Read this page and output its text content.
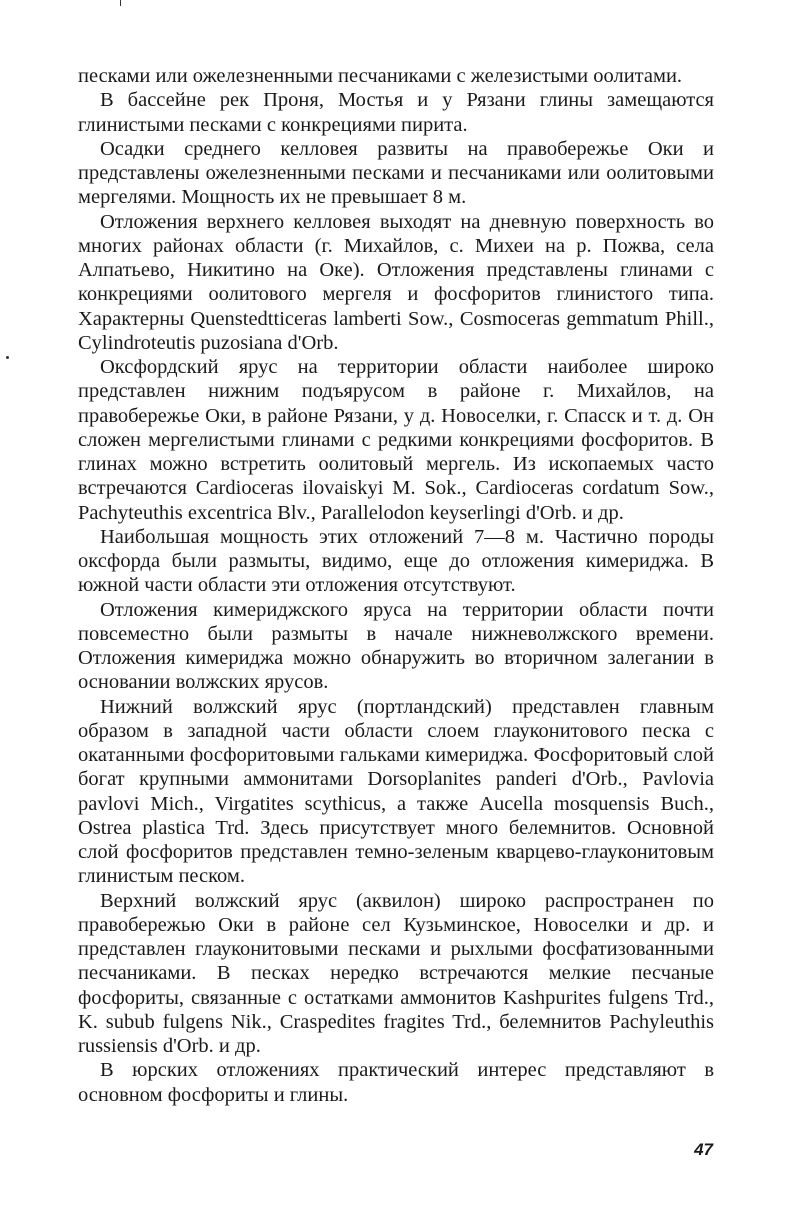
песками или ожелезненными песчаниками с железистыми оолитами.

В бассейне рек Проня, Мостья и у Рязани глины замещаются глинистыми песками с конкрециями пирита.

Осадки среднего келловея развиты на правобережье Оки и представлены ожелезненными песками и песчаниками или оолитовыми мергелями. Мощность их не превышает 8 м.

Отложения верхнего келловея выходят на дневную поверхность во многих районах области (г. Михайлов, с. Михеи на р. Пожва, села Алпатьево, Никитино на Оке). Отложения представлены глинами с конкрециями оолитового мергеля и фосфоритов глинистого типа. Характерны Quenstedtticeras lamberti Sow., Cosmoceras gemmatum Phill., Cylindroteutis puzosiana d'Orb.

Оксфордский ярус на территории области наиболее широко представлен нижним подъярусом в районе г. Михайлов, на правобережье Оки, в районе Рязани, у д. Новоселки, г. Спасск и т. д. Он сложен мергелистыми глинами с редкими конкрециями фосфоритов. В глинах можно встретить оолитовый мергель. Из ископаемых часто встречаются Cardioceras ilovaiskyi M. Sok., Cardioceras cordatum Sow., Pachyteuthis excentrica Blv., Parallelodon keyserlingi d'Orb. и др.

Наибольшая мощность этих отложений 7—8 м. Частично породы оксфорда были размыты, видимо, еще до отложения кимериджа. В южной части области эти отложения отсутствуют.

Отложения кимериджского яруса на территории области почти повсеместно были размыты в начале нижневолжского времени. Отложения кимериджа можно обнаружить во вторичном залегании в основании волжских ярусов.

Нижний волжский ярус (портландский) представлен главным образом в западной части области слоем глауконитового песка с окатанными фосфоритовыми гальками кимериджа. Фосфоритовый слой богат крупными аммонитами Dorsoplanites panderi d'Orb., Pavlovia pavlovi Mich., Virgatites scythicus, а также Aucella mosquensis Buch., Ostrea plastica Trd. Здесь присутствует много белемнитов. Основной слой фосфоритов представлен темно-зеленым кварцево-глауконитовым глинистым песком.

Верхний волжский ярус (аквилон) широко распространен по правобережью Оки в районе сел Кузьминское, Новоселки и др. и представлен глауконитовыми песками и рыхлыми фосфатизованными песчаниками. В песках нередко встречаются мелкие песчаные фосфориты, связанные с остатками аммонитов Kashpurites fulgens Trd., K. subub fulgens Nik., Craspedites fragites Trd., белемнитов Pachyleuthis russiensis d'Orb. и др.

В юрских отложениях практический интерес представляют в основном фосфориты и глины.

47
